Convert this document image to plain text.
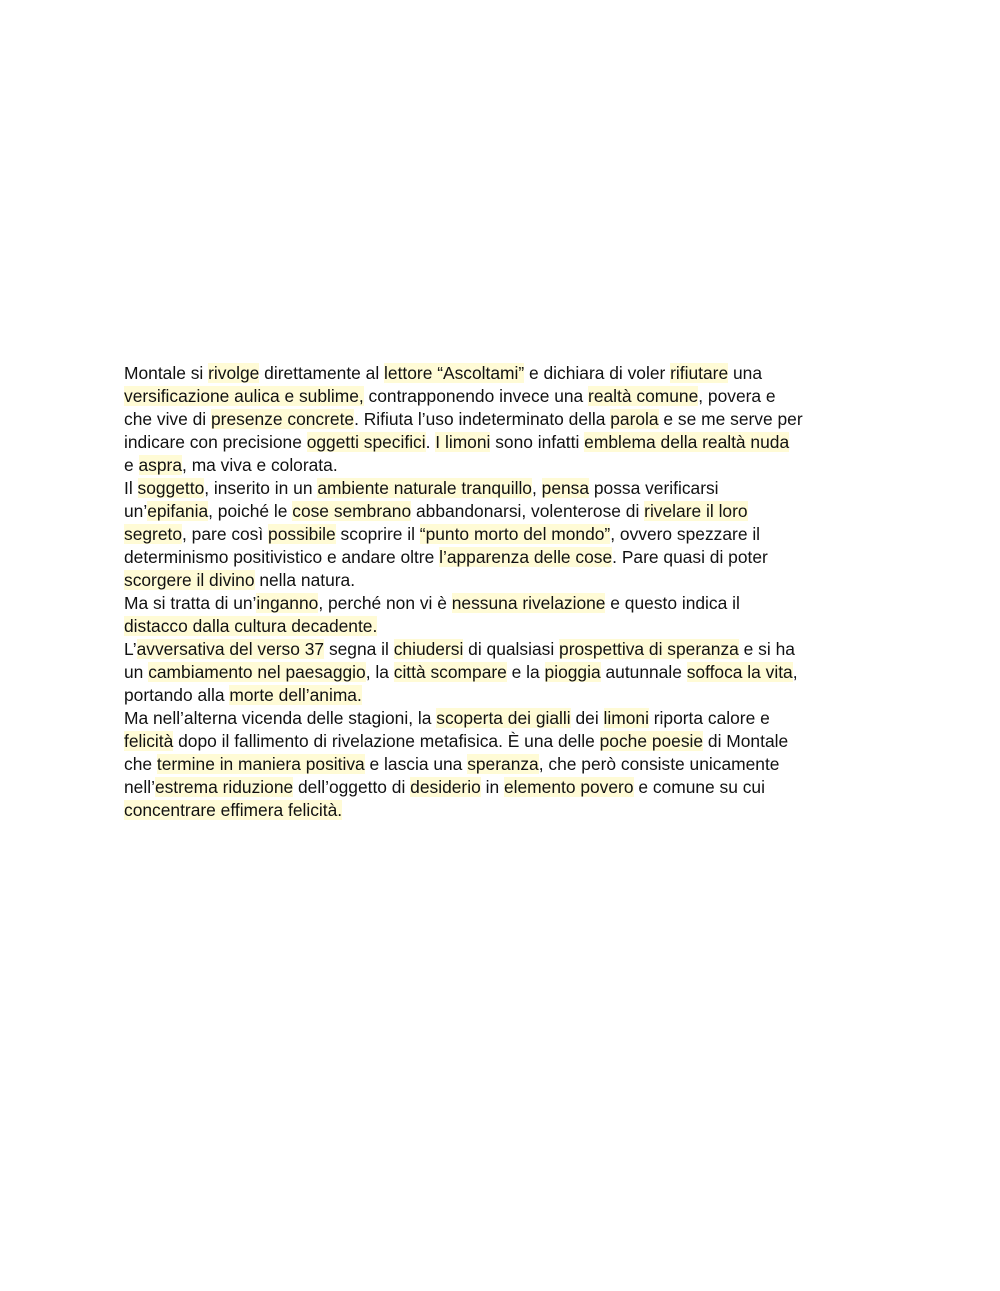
Montale si rivolge direttamente al lettore “Ascoltami” e dichiara di voler rifiutare una
versificazione aulica e sublime, contrapponendo invece una realtà comune, povera e
che vive di presenze concrete. Rifiuta l’uso indeterminato della parola e se me serve per
indicare con precisione oggetti specifici. I limoni sono infatti emblema della realtà nuda
e aspra, ma viva e colorata.
Il soggetto, inserito in un ambiente naturale tranquillo, pensa possa verificarsi
un’epifania, poiché le cose sembrano abbandonarsi, volenterose di rivelare il loro
segreto, pare così possibile scoprire il “punto morto del mondo”, ovvero spezzare il
determinismo positivistico e andare oltre l’apparenza delle cose. Pare quasi di poter
scorgere il divino nella natura.
Ma si tratta di un’inganno, perché non vi è nessuna rivelazione e questo indica il
distacco dalla cultura decadente.
L’avversativa del verso 37 segna il chiudersi di qualsiasi prospettiva di speranza e si ha
un cambiamento nel paesaggio, la città scompare e la pioggia autunnale soffoca la vita,
portando alla morte dell’anima.
Ma nell’alterna vicenda delle stagioni, la scoperta dei gialli dei limoni riporta calore e
felicità dopo il fallimento di rivelazione metafisica. È una delle poche poesie di Montale
che termine in maniera positiva e lascia una speranza, che però consiste unicamente
nell’estrema riduzione dell’oggetto di desiderio in elemento povero e comune su cui
concentrare effimera felicità.
